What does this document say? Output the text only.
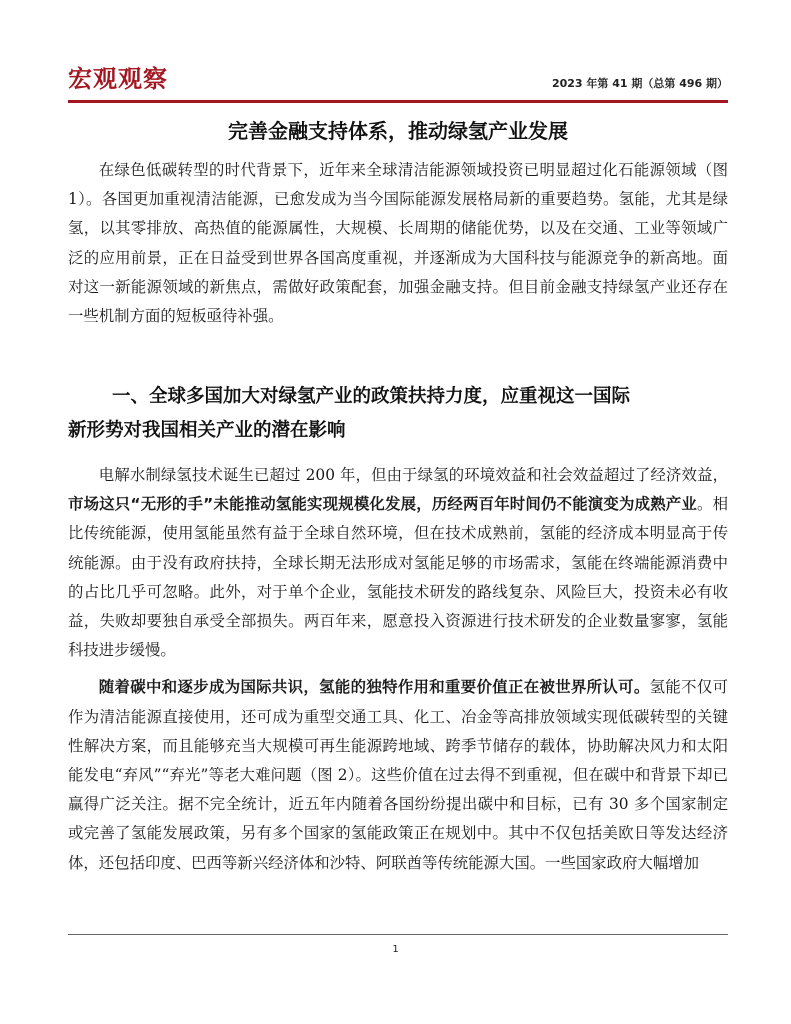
宏观观察	2023 年第 41 期（总第 496 期）
完善金融支持体系，推动绿氢产业发展

在绿色低碳转型的时代背景下，近年来全球清洁能源领域投资已明显超过化石能源领域（图 1）。各国更加重视清洁能源，已愈发成为当今国际能源发展格局新的重要趋势。氢能，尤其是绿氢，以其零排放、高热值的能源属性，大规模、长周期的储能优势，以及在交通、工业等领域广泛的应用前景，正在日益受到世界各国高度重视，并逐渐成为大国科技与能源竞争的新高地。面对这一新能源领域的新焦点，需做好政策配套，加强金融支持。但目前金融支持绿氢产业还存在一些机制方面的短板亟待补强。

一、全球多国加大对绿氢产业的政策扶持力度，应重视这一国际
新形势对我国相关产业的潜在影响

电解水制绿氢技术诞生已超过 200 年，但由于绿氢的环境效益和社会效益超过了经济效益，市场这只“无形的手”未能推动氢能实现规模化发展，历经两百年时间仍不能演变为成熟产业。相比传统能源，使用氢能虽然有益于全球自然环境，但在技术成熟前，氢能的经济成本明显高于传统能源。由于没有政府扶持，全球长期无法形成对氢能足够的市场需求，氢能在终端能源消费中的占比几乎可忽略。此外，对于单个企业，氢能技术研发的路线复杂、风险巨大，投资未必有收益，失败却要独自承受全部损失。两百年来，愿意投入资源进行技术研发的企业数量寥寥，氢能科技进步缓慢。

随着碳中和逐步成为国际共识，氢能的独特作用和重要价值正在被世界所认可。氢能不仅可作为清洁能源直接使用，还可成为重型交通工具、化工、冶金等高排放领域实现低碳转型的关键性解决方案，而且能够充当大规模可再生能源跨地域、跨季节储存的载体，协助解决风力和太阳能发电“弃风”“弃光”等老大难问题（图 2）。这些价值在过去得不到重视，但在碳中和背景下却已赢得广泛关注。据不完全统计，近五年内随着各国纷纷提出碳中和目标，已有 30 多个国家制定或完善了氢能发展政策，另有多个国家的氢能政策正在规划中。其中不仅包括美欧日等发达经济体，还包括印度、巴西等新兴经济体和沙特、阿联酋等传统能源大国。一些国家政府大幅增加

1
